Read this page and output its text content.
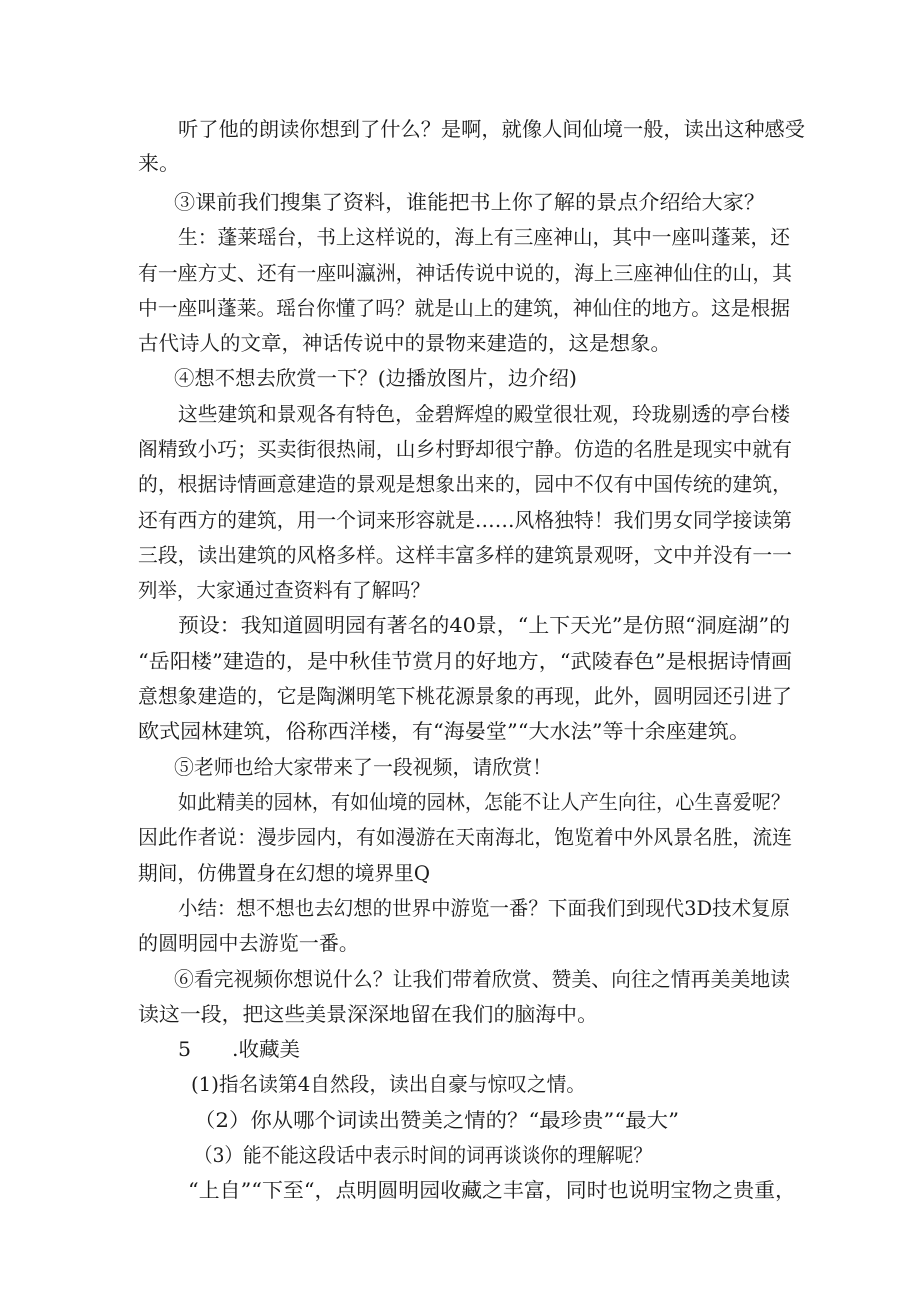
听了他的朗读你想到了什么？是啊，就像人间仙境一般，读出这种感受
来。
③课前我们搜集了资料，谁能把书上你了解的景点介绍给大家？
生：蓬莱瑶台，书上这样说的，海上有三座神山，其中一座叫蓬莱，还
有一座方丈、还有一座叫瀛洲，神话传说中说的，海上三座神仙住的山，其
中一座叫蓬莱。瑶台你懂了吗？就是山上的建筑，神仙住的地方。这是根据
古代诗人的文章，神话传说中的景物来建造的，这是想象。
④想不想去欣赏一下？(边播放图片，边介绍)
这些建筑和景观各有特色，金碧辉煌的殿堂很壮观，玲珑剔透的亭台楼
阁精致小巧；买卖街很热闹，山乡村野却很宁静。仿造的名胜是现实中就有
的，根据诗情画意建造的景观是想象出来的，园中不仅有中国传统的建筑，
还有西方的建筑，用一个词来形容就是……风格独特！我们男女同学接读第
三段，读出建筑的风格多样。这样丰富多样的建筑景观呀，文中并没有一一
列举，大家通过查资料有了解吗？
预设：我知道圆明园有著名的40景，“上下天光”是仿照“洞庭湖”的
“岳阳楼”建造的，是中秋佳节赏月的好地方，“武陵春色”是根据诗情画
意想象建造的，它是陶渊明笔下桃花源景象的再现，此外，圆明园还引进了
欧式园林建筑，俗称西洋楼，有“海晏堂”“大水法”等十余座建筑。
⑤老师也给大家带来了一段视频，请欣赏！
如此精美的园林，有如仙境的园林，怎能不让人产生向往，心生喜爱呢？
因此作者说：漫步园内，有如漫游在天南海北，饱览着中外风景名胜，流连
期间，仿佛置身在幻想的境界里Q
小结：想不想也去幻想的世界中游览一番？下面我们到现代3D技术复原
的圆明园中去游览一番。
⑥看完视频你想说什么？让我们带着欣赏、赞美、向往之情再美美地读
读这一段，把这些美景深深地留在我们的脑海中。
5　　.收藏美
(1)指名读第4自然段，读出自豪与惊叹之情。
（2）你从哪个词读出赞美之情的？“最珍贵”“最大”
（3）能不能这段话中表示时间的词再谈谈你的理解呢？
“上自”“下至“，点明圆明园收藏之丰富，同时也说明宝物之贵重，
